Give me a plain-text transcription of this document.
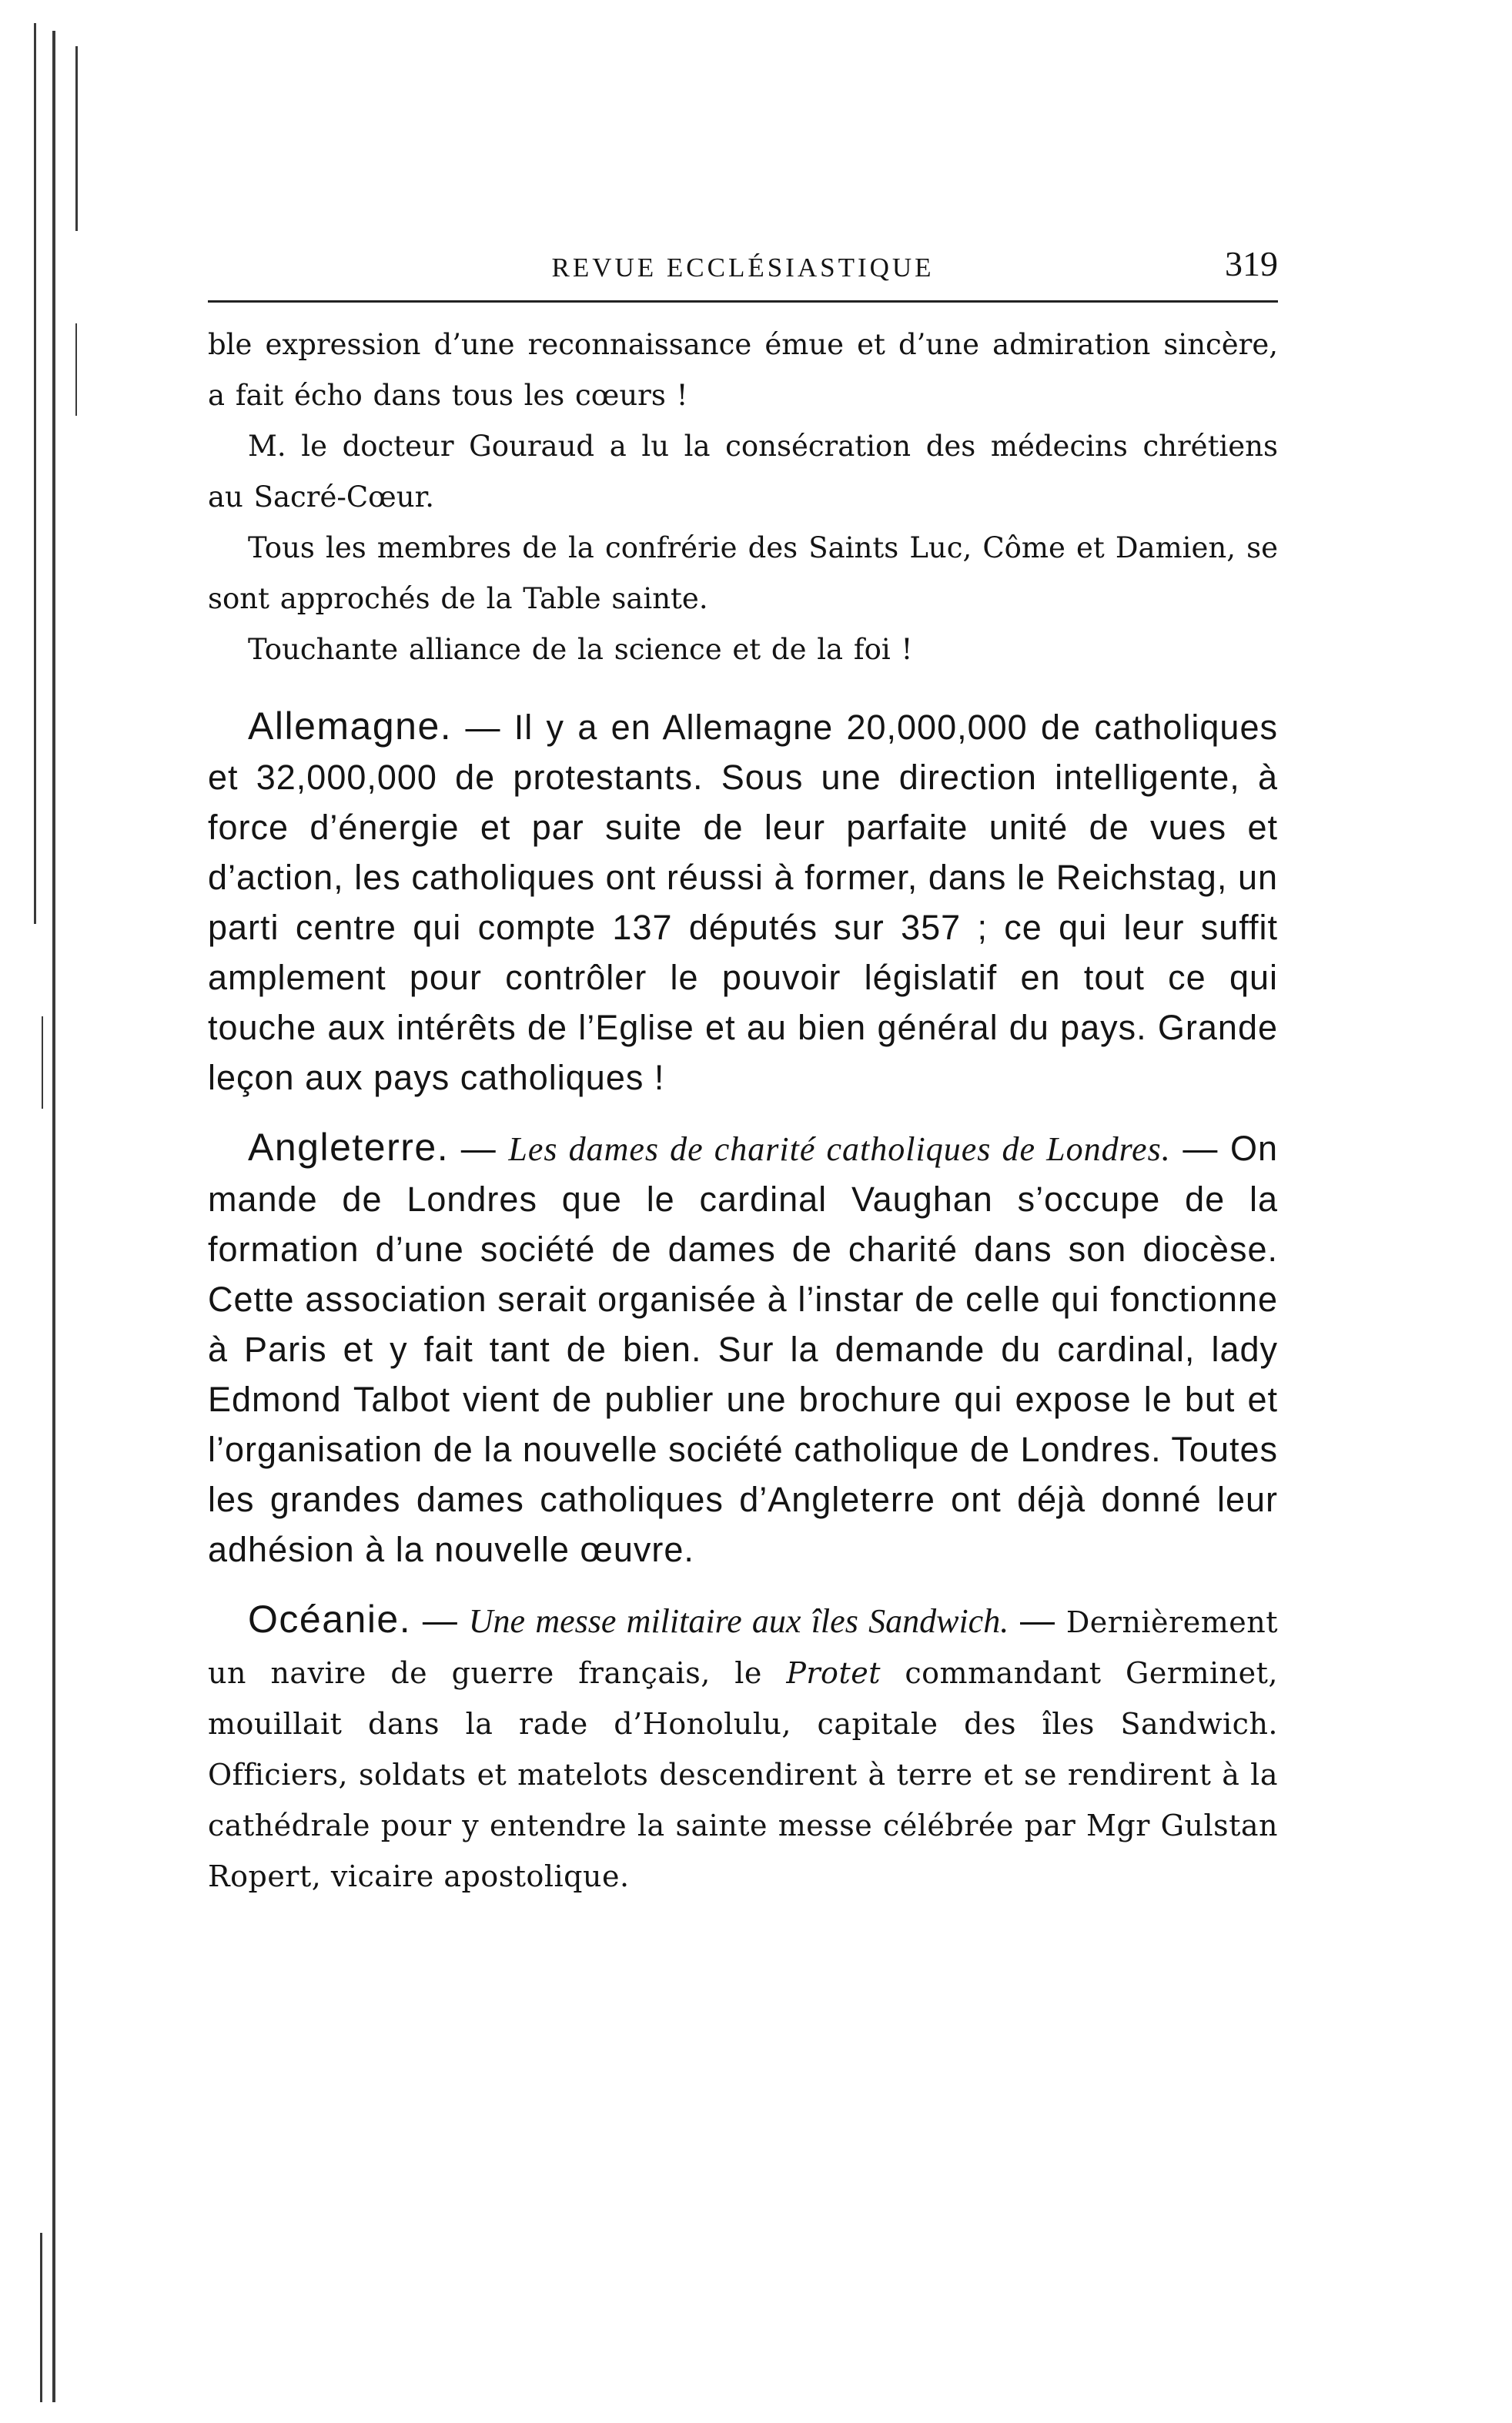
REVUE ECCLÉSIASTIQUE	319

ble expression d’une reconnaissance émue et d’une admiration sincère, a fait écho dans tous les cœurs !

M. le docteur Gouraud a lu la consécration des médecins chrétiens au Sacré-Cœur.

Tous les membres de la confrérie des Saints Luc, Côme et Damien, se sont approchés de la Table sainte.

Touchante alliance de la science et de la foi !

Allemagne. — Il y a en Allemagne 20,000,000 de catholiques et 32,000,000 de protestants. Sous une direction intelligente, à force d’énergie et par suite de leur parfaite unité de vues et d’action, les catholiques ont réussi à former, dans le Reichstag, un parti centre qui compte 137 députés sur 357 ; ce qui leur suffit amplement pour contrôler le pouvoir législatif en tout ce qui touche aux intérêts de l’Eglise et au bien général du pays. Grande leçon aux pays catholiques !

Angleterre. — Les dames de charité catholiques de Londres. — On mande de Londres que le cardinal Vaughan s’occupe de la formation d’une société de dames de charité dans son diocèse. Cette association serait organisée à l’instar de celle qui fonctionne à Paris et y fait tant de bien. Sur la demande du cardinal, lady Edmond Talbot vient de publier une brochure qui expose le but et l’organisation de la nouvelle société catholique de Londres. Toutes les grandes dames catholiques d’Angleterre ont déjà donné leur adhésion à la nouvelle œuvre.

Océanie. — Une messe militaire aux îles Sandwich. — Dernièrement un navire de guerre français, le Protet commandant Germinet, mouillait dans la rade d’Honolulu, capitale des îles Sandwich. Officiers, soldats et matelots descendirent à terre et se rendirent à la cathédrale pour y entendre la sainte messe célébrée par Mgr Gulstan Ropert, vicaire apostolique.
